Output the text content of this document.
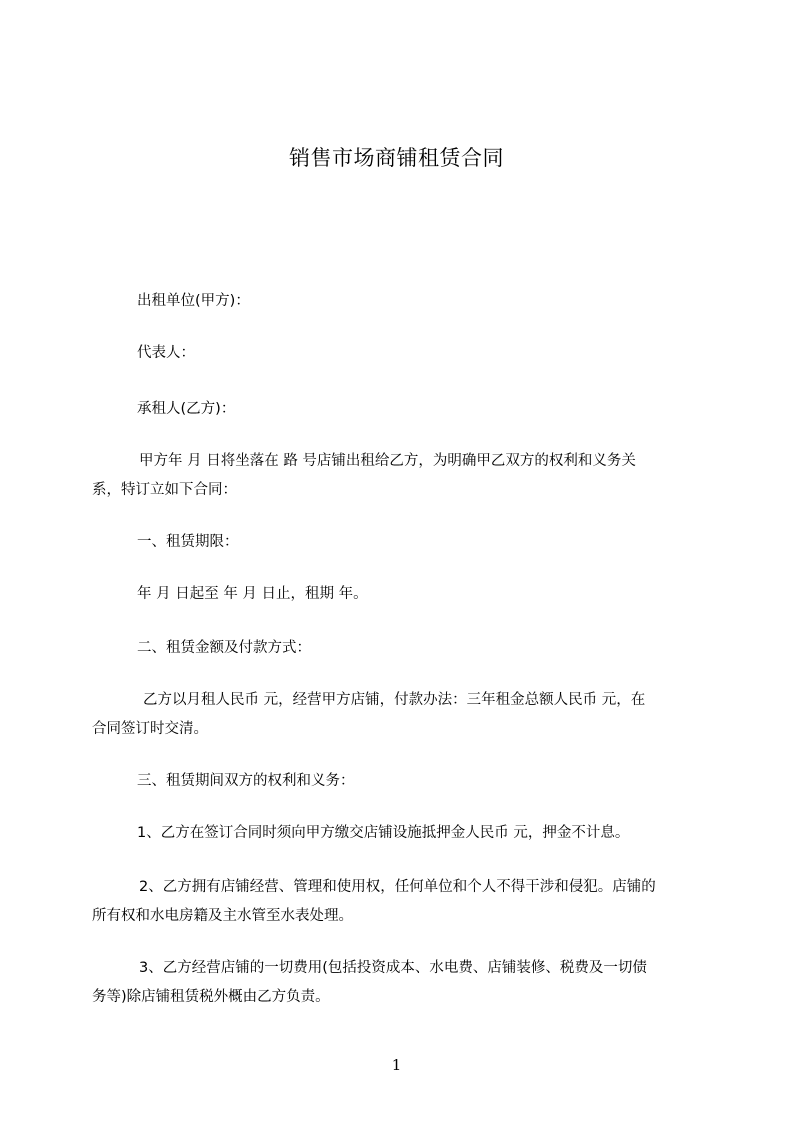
销售市场商铺租赁合同
出租单位(甲方)：
代表人：
承租人(乙方)：
甲方年 月 日将坐落在 路 号店铺出租给乙方，为明确甲乙双方的权利和义务关
系，特订立如下合同：
一、租赁期限：
年 月 日起至 年 月 日止，租期 年。
二、租赁金额及付款方式：
乙方以月租人民币 元，经营甲方店铺，付款办法：三年租金总额人民币 元，在
合同签订时交清。
三、租赁期间双方的权利和义务：
1、乙方在签订合同时须向甲方缴交店铺设施抵押金人民币 元，押金不计息。
2、乙方拥有店铺经营、管理和使用权，任何单位和个人不得干涉和侵犯。店铺的
所有权和水电房籍及主水管至水表处理。
3、乙方经营店铺的一切费用(包括投资成本、水电费、店铺装修、税费及一切债
务等)除店铺租赁税外概由乙方负责。
1
